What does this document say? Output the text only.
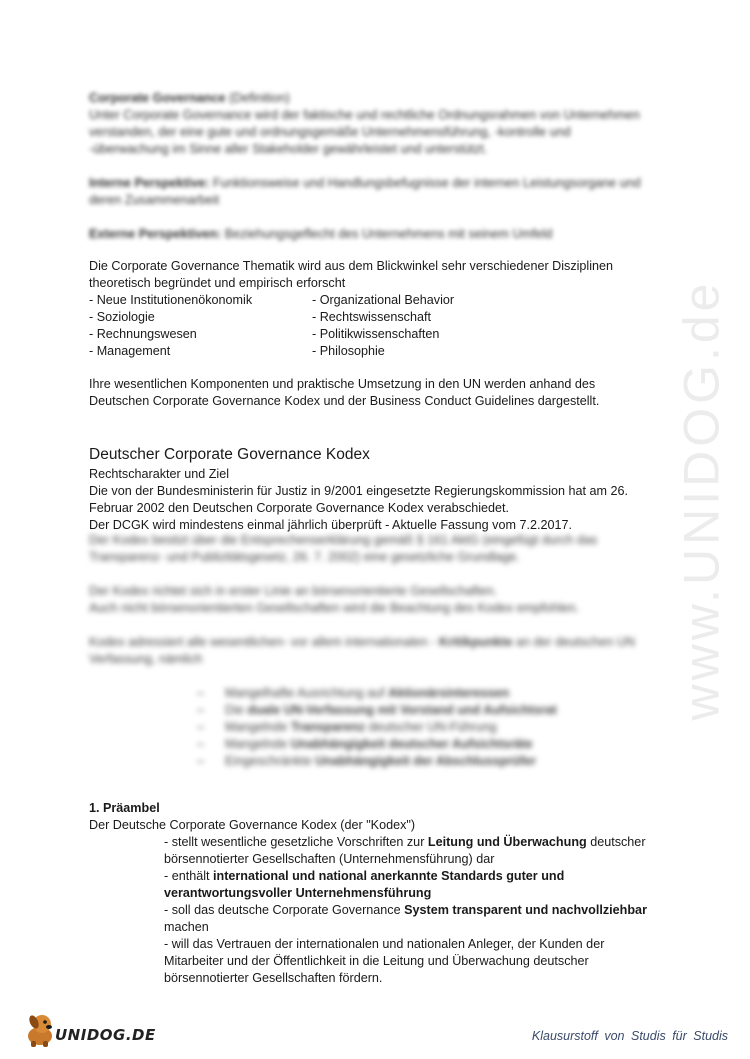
www.UNIDOG.de
Corporate Governance (Definition)
Unter Corporate Governance wird der faktische und rechtliche Ordnungsrahmen von Unternehmen verstanden, der eine gute und ordnungsgemäße Unternehmensführung, -kontrolle und -überwachung im Sinne aller Stakeholder gewährleistet und unterstützt.
Interne Perspektive: Funktionsweise und Handlungsbefugnisse der internen Leistungsorgane und deren Zusammenarbeit
Externe Perspektiven: Beziehungsgeflecht des Unternehmens mit seinem Umfeld
Die Corporate Governance Thematik wird aus dem Blickwinkel sehr verschiedener Disziplinen
theoretisch begründet und empirisch erforscht
- Neue Institutionenökonomik	- Organizational Behavior
- Soziologie	- Rechtswissenschaft
- Rechnungswesen	- Politikwissenschaften
- Management	- Philosophie
Ihre wesentlichen Komponenten und praktische Umsetzung in den UN werden anhand des
Deutschen Corporate Governance Kodex und der Business Conduct Guidelines dargestellt.
Deutscher Corporate Governance Kodex
Rechtscharakter und Ziel
Die von der Bundesministerin für Justiz in 9/2001 eingesetzte Regierungskommission hat am 26.
Februar 2002 den Deutschen Corporate Governance Kodex verabschiedet.
Der DCGK wird mindestens einmal jährlich überprüft - Aktuelle Fassung vom 7.2.2017.
Der Kodex besitzt über die Entsprechenserklärung gemäß § 161 AktG (eingefügt durch das
Transparenz- und Publizitätsgesetz, 26. 7. 2002) eine gesetzliche Grundlage.
Der Kodex richtet sich in erster Linie an börsenorientierte Gesellschaften.
Auch nicht börsenorientierten Gesellschaften wird die Beachtung des Kodex empfohlen.
Kodex adressiert alle wesentlichen- vor allem internationalen - Kritikpunkte an der deutschen UN
Verfassung, nämlich
– Mangelhafte Ausrichtung auf Aktionärsinteressen
– Die duale UN-Verfassung mit Vorstand und Aufsichtsrat
– Mangelnde Transparenz deutscher UN-Führung
– Mangelnde Unabhängigkeit deutscher Aufsichtsräte
– Eingeschränkte Unabhängigkeit der Abschlussprüfer
1. Präambel
Der Deutsche Corporate Governance Kodex (der "Kodex")
- stellt wesentliche gesetzliche Vorschriften zur Leitung und Überwachung deutscher börsennotierter Gesellschaften (Unternehmensführung) dar
- enthält international und national anerkannte Standards guter und verantwortungsvoller Unternehmensführung
- soll das deutsche Corporate Governance System transparent und nachvollziehbar machen
- will das Vertrauen der internationalen und nationalen Anleger, der Kunden der Mitarbeiter und der Öffentlichkeit in die Leitung und Überwachung deutscher börsennotierter Gesellschaften fördern.
UNIDOG.DE	Klausurstoff von Studis für Studis
